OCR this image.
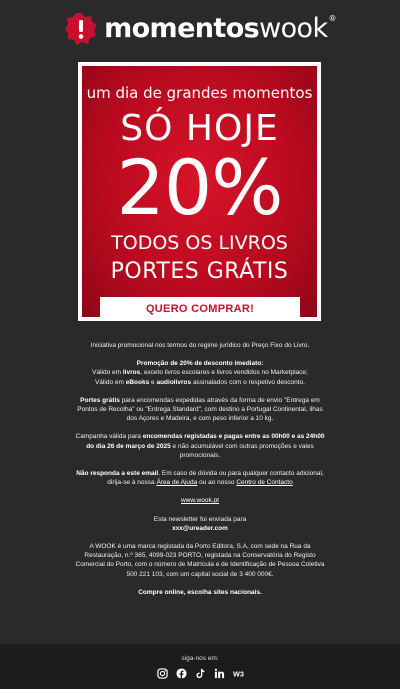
momentoswook®
um dia de grandes momentos
SÓ HOJE
20%
TODOS OS LIVROS
PORTES GRÁTIS
QUERO COMPRAR!

Iniciativa promocional nos termos do regime jurídico do Preço Fixo do Livro.

Promoção de 20% de desconto imediato:
Válido em livros, exceto livros escolares e livros vendidos no Marketplace;
Válido em eBooks e audiolivros assinalados com o respetivo desconto.

Portes grátis para encomendas expedidas através da forma de envio "Entrega em Pontos de Recolha" ou "Entrega Standard", com destino a Portugal Continental, ilhas dos Açores e Madeira, e com peso inferior a 10 kg.

Campanha válida para encomendas registadas e pagas entre as 00h00 e as 24h00 do dia 26 de março de 2025 e não acumulável com outras promoções e vales promocionais.

Não responda a este email. Em caso de dúvida ou para qualquer contacto adicional, dirija-se à nossa Área de Ajuda ou ao nosso Centro de Contacto

www.wook.pt

Esta newsletter foi enviada para
xxx@ureader.com

A WOOK é uma marca registada da Porto Editora, S.A, com sede na Rua da Restauração, n.º 365, 4099-023 PORTO, registada na Conservatória do Registo Comercial do Porto, com o número de Matrícula e de Identificação de Pessoa Coletiva 500 221 103, com um capital social de 3 400 000€.

Compre online, escolha sites nacionais.

siga-nos em:
W3
